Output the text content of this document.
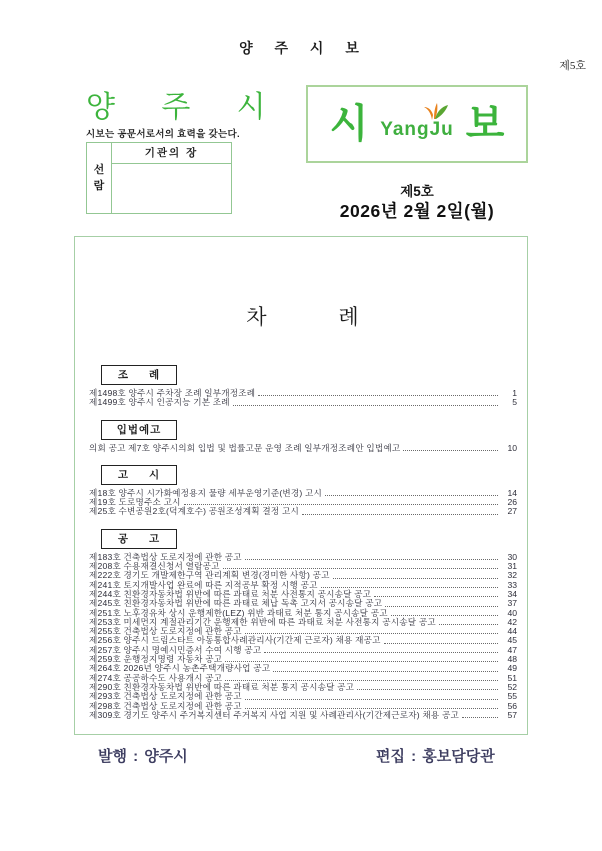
양 주 시 보
제5호
양 주 시
시보는 공문서로서의 효력을 갖는다.
선람
기관의 장
시 YangJu 보
제5호
2026년 2월 2일(월)
차 례
조 례
제1498호 양주시 주차장 조례 일부개정조례	1
제1499호 양주시 인공지능 기본 조례	5
입법예고
의회 공고 제7호 양주시의회 입법 및 법률고문 운영 조례 일부개정조례안 입법예고	10
고 시
제18호 양주시 시가화예정용지 물량 세부운영기준(변경) 고시	14
제19호 도로명주소 고시	26
제25호 수변공원2호(덕계호수) 공원조성계획 결정 고시	27
공 고
제183호 건축법상 도로지정에 관한 공고	30
제208호 수용재결신청서 열람공고	31
제222호 경기도 개발제한구역 관리계획 변경(경미한 사항) 공고	32
제241호 토지개발사업 완료에 따른 지적공부 확정 시행 공고	33
제244호 친환경자동차법 위반에 따른 과태료 처분 사전통지 공시송달 공고	34
제245호 친환경자동차법 위반에 따른 과태료 체납 독촉 고지서 공시송달 공고	37
제251호 노후경유차 상시 운행제한(LEZ) 위반 과태료 처분 통지 공시송달 공고	40
제253호 미세먼지 계절관리기간 운행제한 위반에 따른 과태료 처분 사전통지 공시송달 공고	42
제255호 건축법상 도로지정에 관한 공고	44
제256호 양주시 드림스타트 아동통합사례관리사(기간제 근로자) 채용 재공고	45
제257호 양주시 명예시민증서 수여 시행 공고	47
제259호 운행정지명령 자동차 공고	48
제264호 2026년 양주시 농촌주택개량사업 공고	49
제274호 공공하수도 사용개시 공고	51
제290호 친환경자동차법 위반에 따른 과태료 처분 통지 공시송달 공고	52
제293호 건축법상 도로지정에 관한 공고	55
제298호 건축법상 도로지정에 관한 공고	56
제309호 경기도 양주시 주거복지센터 주거복지 사업 지원 및 사례관리사(기간제근로자) 채용 공고	57
발행 : 양주시	편집 : 홍보담당관
